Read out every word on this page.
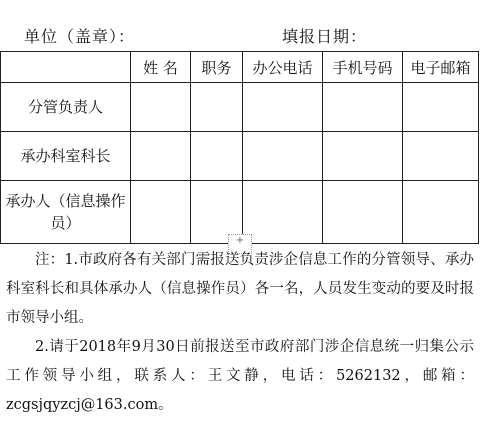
单位（盖章）：	填报日期：
	姓 名	职务	办公电话	手机号码	电子邮箱
分管负责人					
承办科室科长					
承办人（信息操作员）					
+

注：1.市政府各有关部门需报送负责涉企信息工作的分管领导、承办科室科长和具体承办人（信息操作员）各一名，人员发生变动的要及时报市领导小组。

2.请于2018年9月30日前报送至市政府部门涉企信息统一归集公示工作领导小组，联系人：王文静，电话：5262132，邮箱：zcgsjqyzcj@163.com。
